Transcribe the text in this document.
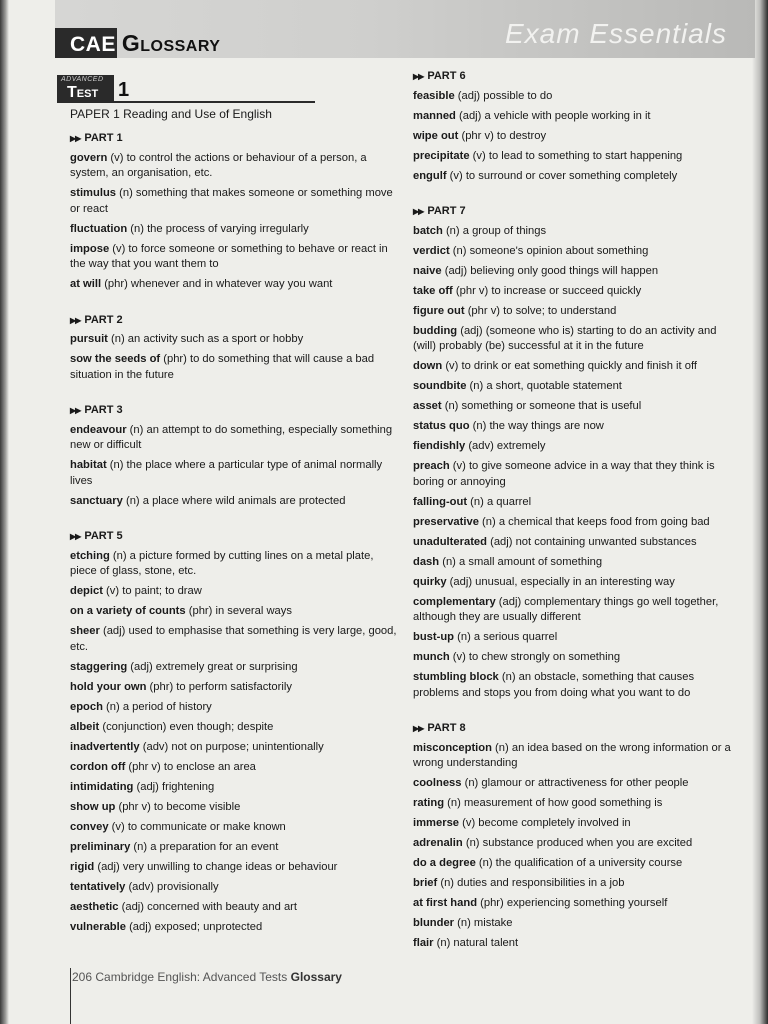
CAE Glossary	Exam Essentials
ADVANCED
Test 1
PAPER 1 Reading and Use of English
▶▶ PART 1
govern (v) to control the actions or behaviour of a person, a system, an organisation, etc.
stimulus (n) something that makes someone or something move or react
fluctuation (n) the process of varying irregularly
impose (v) to force someone or something to behave or react in the way that you want them to
at will (phr) whenever and in whatever way you want
▶▶ PART 2
pursuit (n) an activity such as a sport or hobby
sow the seeds of (phr) to do something that will cause a bad situation in the future
▶▶ PART 3
endeavour (n) an attempt to do something, especially something new or difficult
habitat (n) the place where a particular type of animal normally lives
sanctuary (n) a place where wild animals are protected
▶▶ PART 5
etching (n) a picture formed by cutting lines on a metal plate, piece of glass, stone, etc.
depict (v) to paint; to draw
on a variety of counts (phr) in several ways
sheer (adj) used to emphasise that something is very large, good, etc.
staggering (adj) extremely great or surprising
hold your own (phr) to perform satisfactorily
epoch (n) a period of history
albeit (conjunction) even though; despite
inadvertently (adv) not on purpose; unintentionally
cordon off (phr v) to enclose an area
intimidating (adj) frightening
show up (phr v) to become visible
convey (v) to communicate or make known
preliminary (n) a preparation for an event
rigid (adj) very unwilling to change ideas or behaviour
tentatively (adv) provisionally
aesthetic (adj) concerned with beauty and art
vulnerable (adj) exposed; unprotected
▶▶ PART 6
feasible (adj) possible to do
manned (adj) a vehicle with people working in it
wipe out (phr v) to destroy
precipitate (v) to lead to something to start happening
engulf (v) to surround or cover something completely
▶▶ PART 7
batch (n) a group of things
verdict (n) someone's opinion about something
naive (adj) believing only good things will happen
take off (phr v) to increase or succeed quickly
figure out (phr v) to solve; to understand
budding (adj) (someone who is) starting to do an activity and (will) probably (be) successful at it in the future
down (v) to drink or eat something quickly and finish it off
soundbite (n) a short, quotable statement
asset (n) something or someone that is useful
status quo (n) the way things are now
fiendishly (adv) extremely
preach (v) to give someone advice in a way that they think is boring or annoying
falling-out (n) a quarrel
preservative (n) a chemical that keeps food from going bad
unadulterated (adj) not containing unwanted substances
dash (n) a small amount of something
quirky (adj) unusual, especially in an interesting way
complementary (adj) complementary things go well together, although they are usually different
bust-up (n) a serious quarrel
munch (v) to chew strongly on something
stumbling block (n) an obstacle, something that causes problems and stops you from doing what you want to do
▶▶ PART 8
misconception (n) an idea based on the wrong information or a wrong understanding
coolness (n) glamour or attractiveness for other people
rating (n) measurement of how good something is
immerse (v) become completely involved in
adrenalin (n) substance produced when you are excited
do a degree (n) the qualification of a university course
brief (n) duties and responsibilities in a job
at first hand (phr) experiencing something yourself
blunder (n) mistake
flair (n) natural talent
206 Cambridge English: Advanced Tests Glossary
